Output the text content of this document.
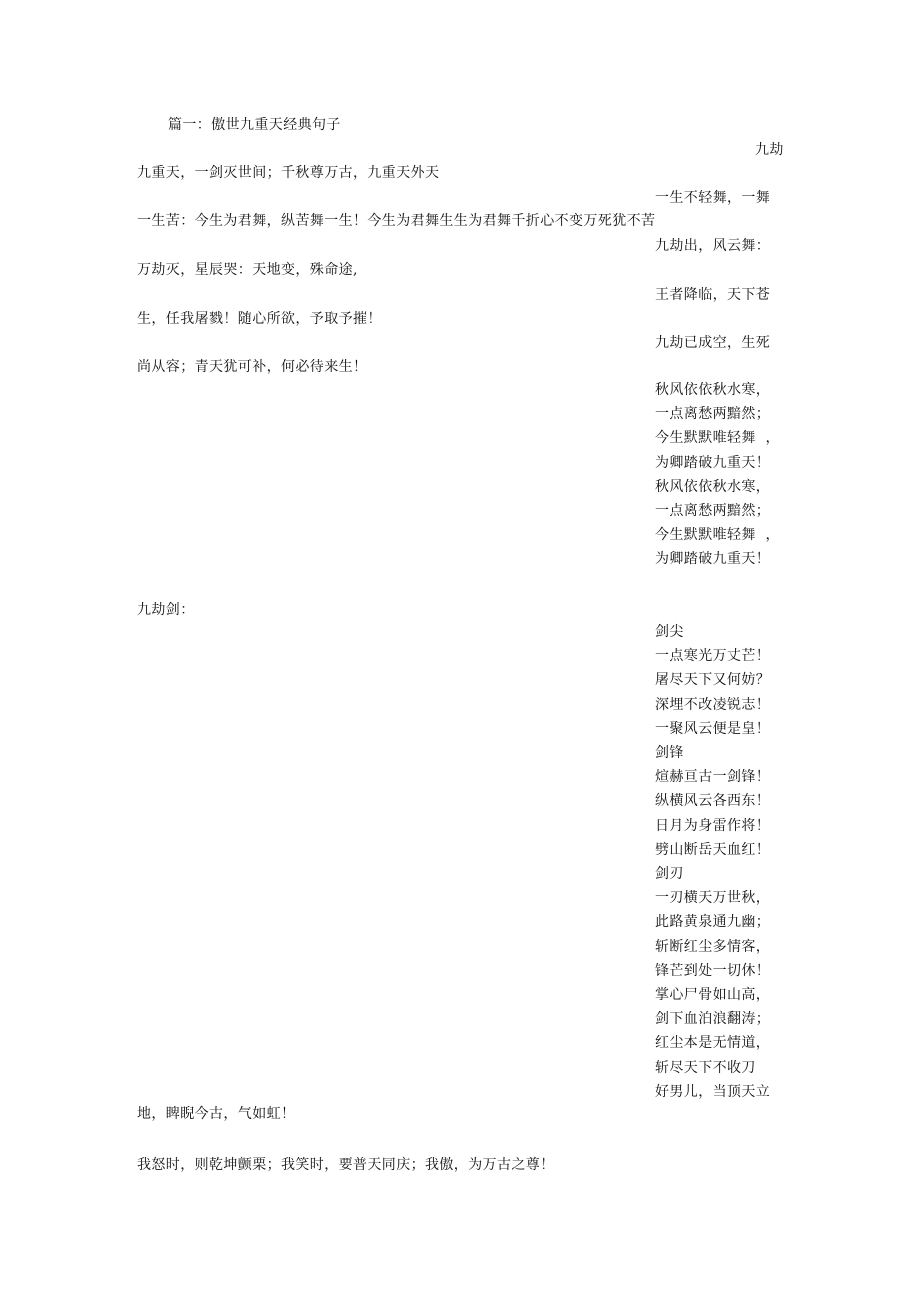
篇一：傲世九重天经典句子
九劫
九重天，一剑灭世间；千秋尊万古，九重天外天
一生不轻舞，一舞
一生苦：今生为君舞，纵苦舞一生！今生为君舞生生为君舞千折心不变万死犹不苦
九劫出，风云舞：
万劫灭，星辰哭：天地变，殊命途,
王者降临，天下苍
生，任我屠戮！随心所欲，予取予摧！
九劫已成空，生死
尚从容；青天犹可补，何必待来生！
秋风依依秋水寒，
一点离愁两黯然；
今生默默唯轻舞  ，
为卿踏破九重天！
秋风依依秋水寒，
一点离愁两黯然；
今生默默唯轻舞  ，
为卿踏破九重天！
九劫剑：
剑尖
一点寒光万丈芒！
屠尽天下又何妨？
深埋不改凌锐志！
一聚风云便是皇！
剑锋
煊赫亘古一剑锋！
纵横风云各西东！
日月为身雷作将！
劈山断岳天血红！
剑刃
一刃横天万世秋，
此路黄泉通九幽；
斩断红尘多情客，
锋芒到处一切休！
掌心尸骨如山高，
剑下血泊浪翻涛；
红尘本是无情道，
斩尽天下不收刀
好男儿，当顶天立
地，睥睨今古，气如虹！
我怒时，则乾坤颤栗；我笑时，要普天同庆；我傲，为万古之尊！
